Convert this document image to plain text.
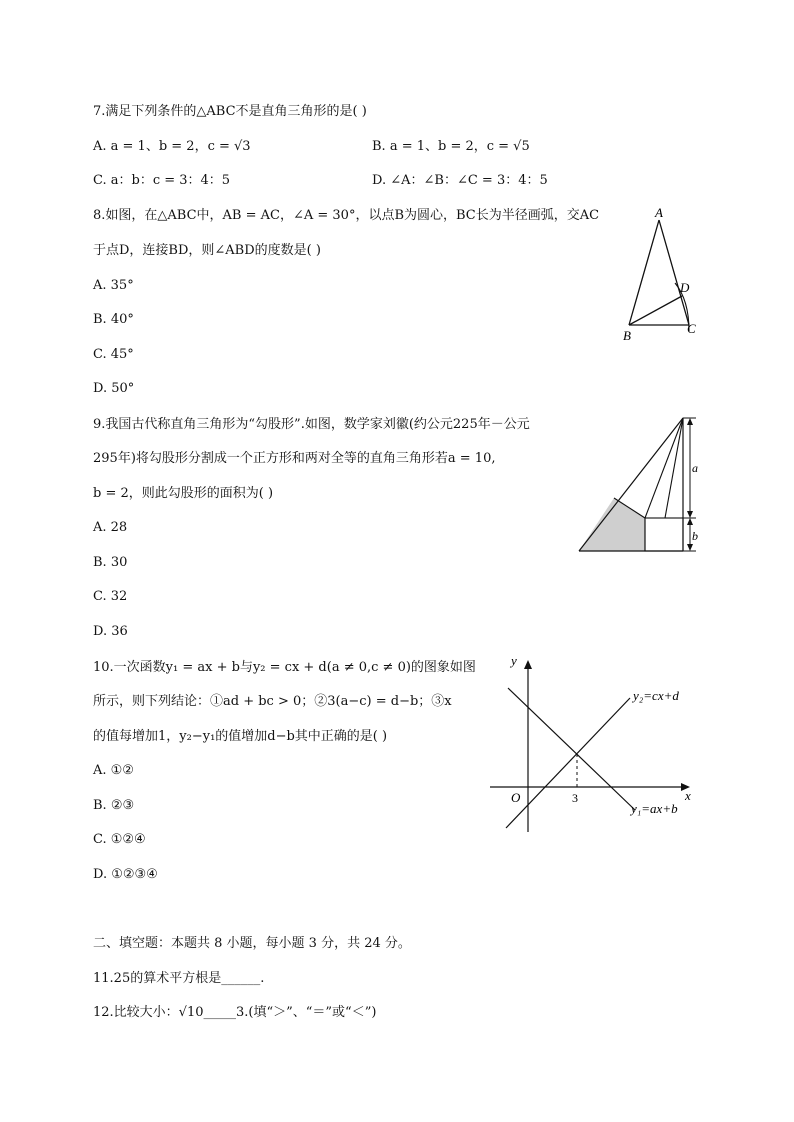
7.满足下列条件的△ABC不是直角三角形的是( )
A. a = 1、b = 2，c = √3	B. a = 1、b = 2，c = √5
C. a：b：c = 3：4：5	D. ∠A：∠B：∠C = 3：4：5
8.如图，在△ABC中，AB = AC，∠A = 30°，以点B为圆心，BC长为半径画弧，交AC
于点D，连接BD，则∠ABD的度数是( )
A. 35°
B. 40°
C. 45°
D. 50°
A
B	C
D
9.我国古代称直角三角形为“勾股形”.如图，数学家刘徽(约公元225年－公元
295年)将勾股形分割成一个正方形和两对全等的直角三角形若a = 10,
b = 2，则此勾股形的面积为( )
A. 28
B. 30
C. 32
D. 36
a
b
10.一次函数y₁ = ax + b与y₂ = cx + d(a ≠ 0,c ≠ 0)的图象如图
所示，则下列结论：①ad + bc > 0；②3(a−c) = d−b；③x
的值每增加1，y₂−y₁的值增加d−b其中正确的是( )
A. ①②
B. ②③
C. ①②④
D. ①②③④
y
x
O	3
y₂=cx+d
y₁=ax+b
二、填空题：本题共 8 小题，每小题 3 分，共 24 分。
11.25的算术平方根是______.
12.比较大小：√10_____3.(填“＞”、“＝”或“＜”)
